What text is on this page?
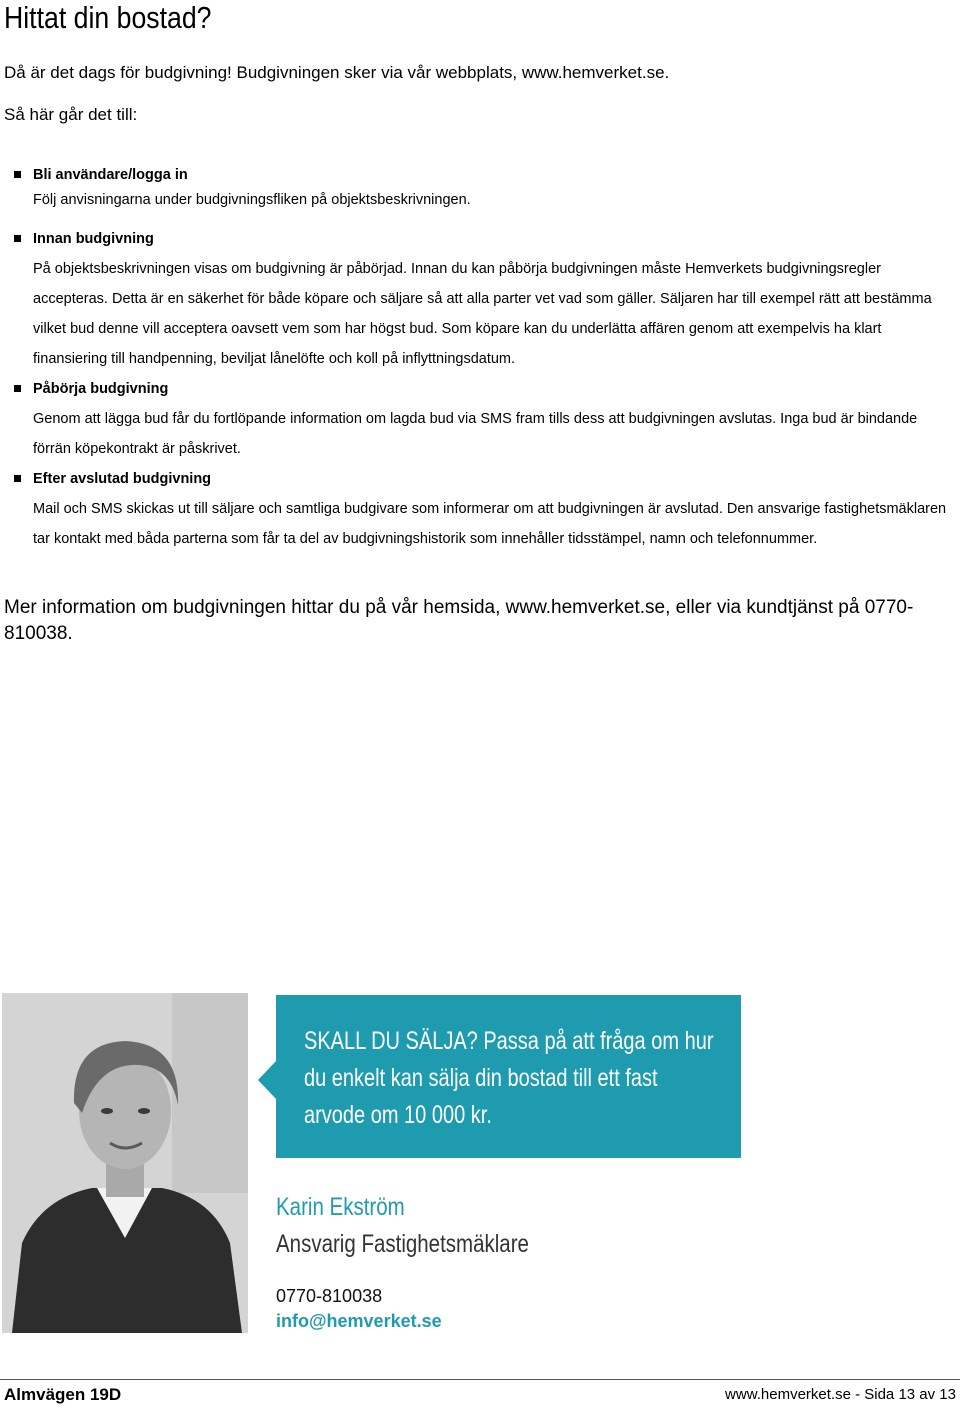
Hittat din bostad?
Då är det dags för budgivning! Budgivningen sker via vår webbplats, www.hemverket.se.
Så här går det till:
Bli användare/logga in
Följ anvisningarna under budgivningsfliken på objektsbeskrivningen.
Innan budgivning
På objektsbeskrivningen visas om budgivning är påbörjad. Innan du kan påbörja budgivningen måste Hemverkets budgivningsregler accepteras. Detta är en säkerhet för både köpare och säljare så att alla parter vet vad som gäller. Säljaren har till exempel rätt att bestämma vilket bud denne vill acceptera oavsett vem som har högst bud. Som köpare kan du underlätta affären genom att exempelvis ha klart finansiering till handpenning, beviljat lånelöfte och koll på inflyttningsdatum.
Påbörja budgivning
Genom att lägga bud får du fortlöpande information om lagda bud via SMS fram tills dess att budgivningen avslutas. Inga bud är bindande förrän köpekontrakt är påskrivet.
Efter avslutad budgivning
Mail och SMS skickas ut till säljare och samtliga budgivare som informerar om att budgivningen är avslutad. Den ansvarige fastighetsmäklaren tar kontakt med båda parterna som får ta del av budgivningshistorik som innehåller tidsstämpel, namn och telefonnummer.

Mer information om budgivningen hittar du på vår hemsida, www.hemverket.se, eller via kundtjänst på 0770-810038.

SKALL DU SÄLJA? Passa på att fråga om hur du enkelt kan sälja din bostad till ett fast arvode om 10 000 kr.
Karin Ekström
Ansvarig Fastighetsmäklare
0770-810038
info@hemverket.se
Almvägen 19D	www.hemverket.se - Sida 13 av 13
